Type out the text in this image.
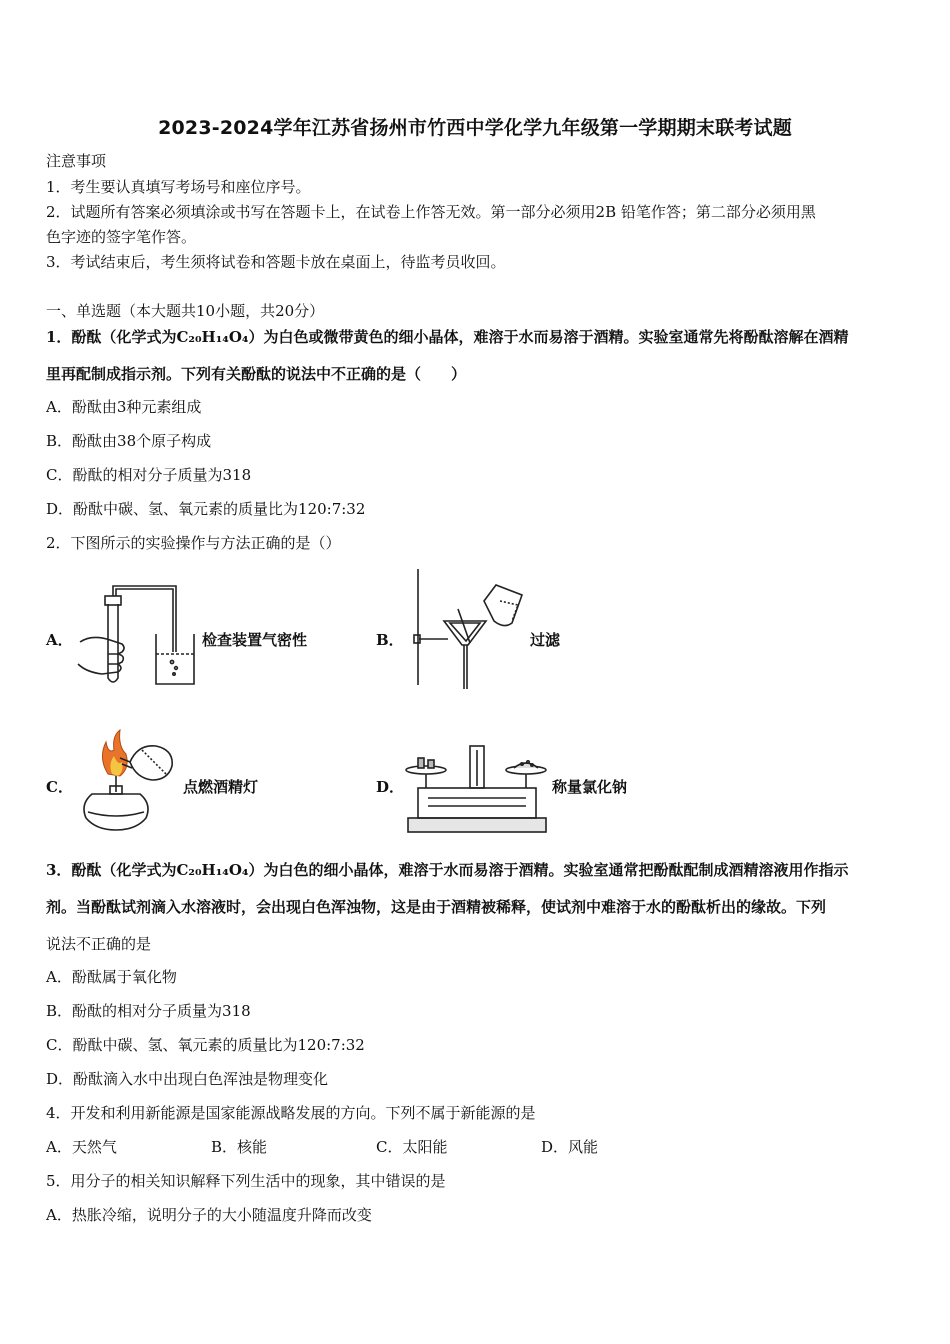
2023-2024学年江苏省扬州市竹西中学化学九年级第一学期期末联考试题
注意事项
1．考生要认真填写考场号和座位序号。
2．试题所有答案必须填涂或书写在答题卡上，在试卷上作答无效。第一部分必须用2B 铅笔作答；第二部分必须用黑
色字迹的签字笔作答。
3．考试结束后，考生须将试卷和答题卡放在桌面上，待监考员收回。
一、单选题（本大题共10小题，共20分）
1．酚酞（化学式为C₂₀H₁₄O₄）为白色或微带黄色的细小晶体，难溶于水而易溶于酒精。实验室通常先将酚酞溶解在酒精
里再配制成指示剂。下列有关酚酞的说法中不正确的是（　　）
A．酚酞由3种元素组成
B．酚酞由38个原子构成
C．酚酞的相对分子质量为318
D．酚酞中碳、氢、氧元素的质量比为120:7:32
2．下图所示的实验操作与方法正确的是（）
A．	检查装置气密性	B．	过滤
C．	点燃酒精灯	D．	称量氯化钠
3．酚酞（化学式为C₂₀H₁₄O₄）为白色的细小晶体，难溶于水而易溶于酒精。实验室通常把酚酞配制成酒精溶液用作指示
剂。当酚酞试剂滴入水溶液时，会出现白色浑浊物，这是由于酒精被稀释，使试剂中难溶于水的酚酞析出的缘故。下列
说法不正确的是
A．酚酞属于氧化物
B．酚酞的相对分子质量为318
C．酚酞中碳、氢、氧元素的质量比为120:7:32
D．酚酞滴入水中出现白色浑浊是物理变化
4．开发和利用新能源是国家能源战略发展的方向。下列不属于新能源的是
A．天然气	B．核能	C．太阳能	D．风能
5．用分子的相关知识解释下列生活中的现象，其中错误的是
A．热胀冷缩，说明分子的大小随温度升降而改变
